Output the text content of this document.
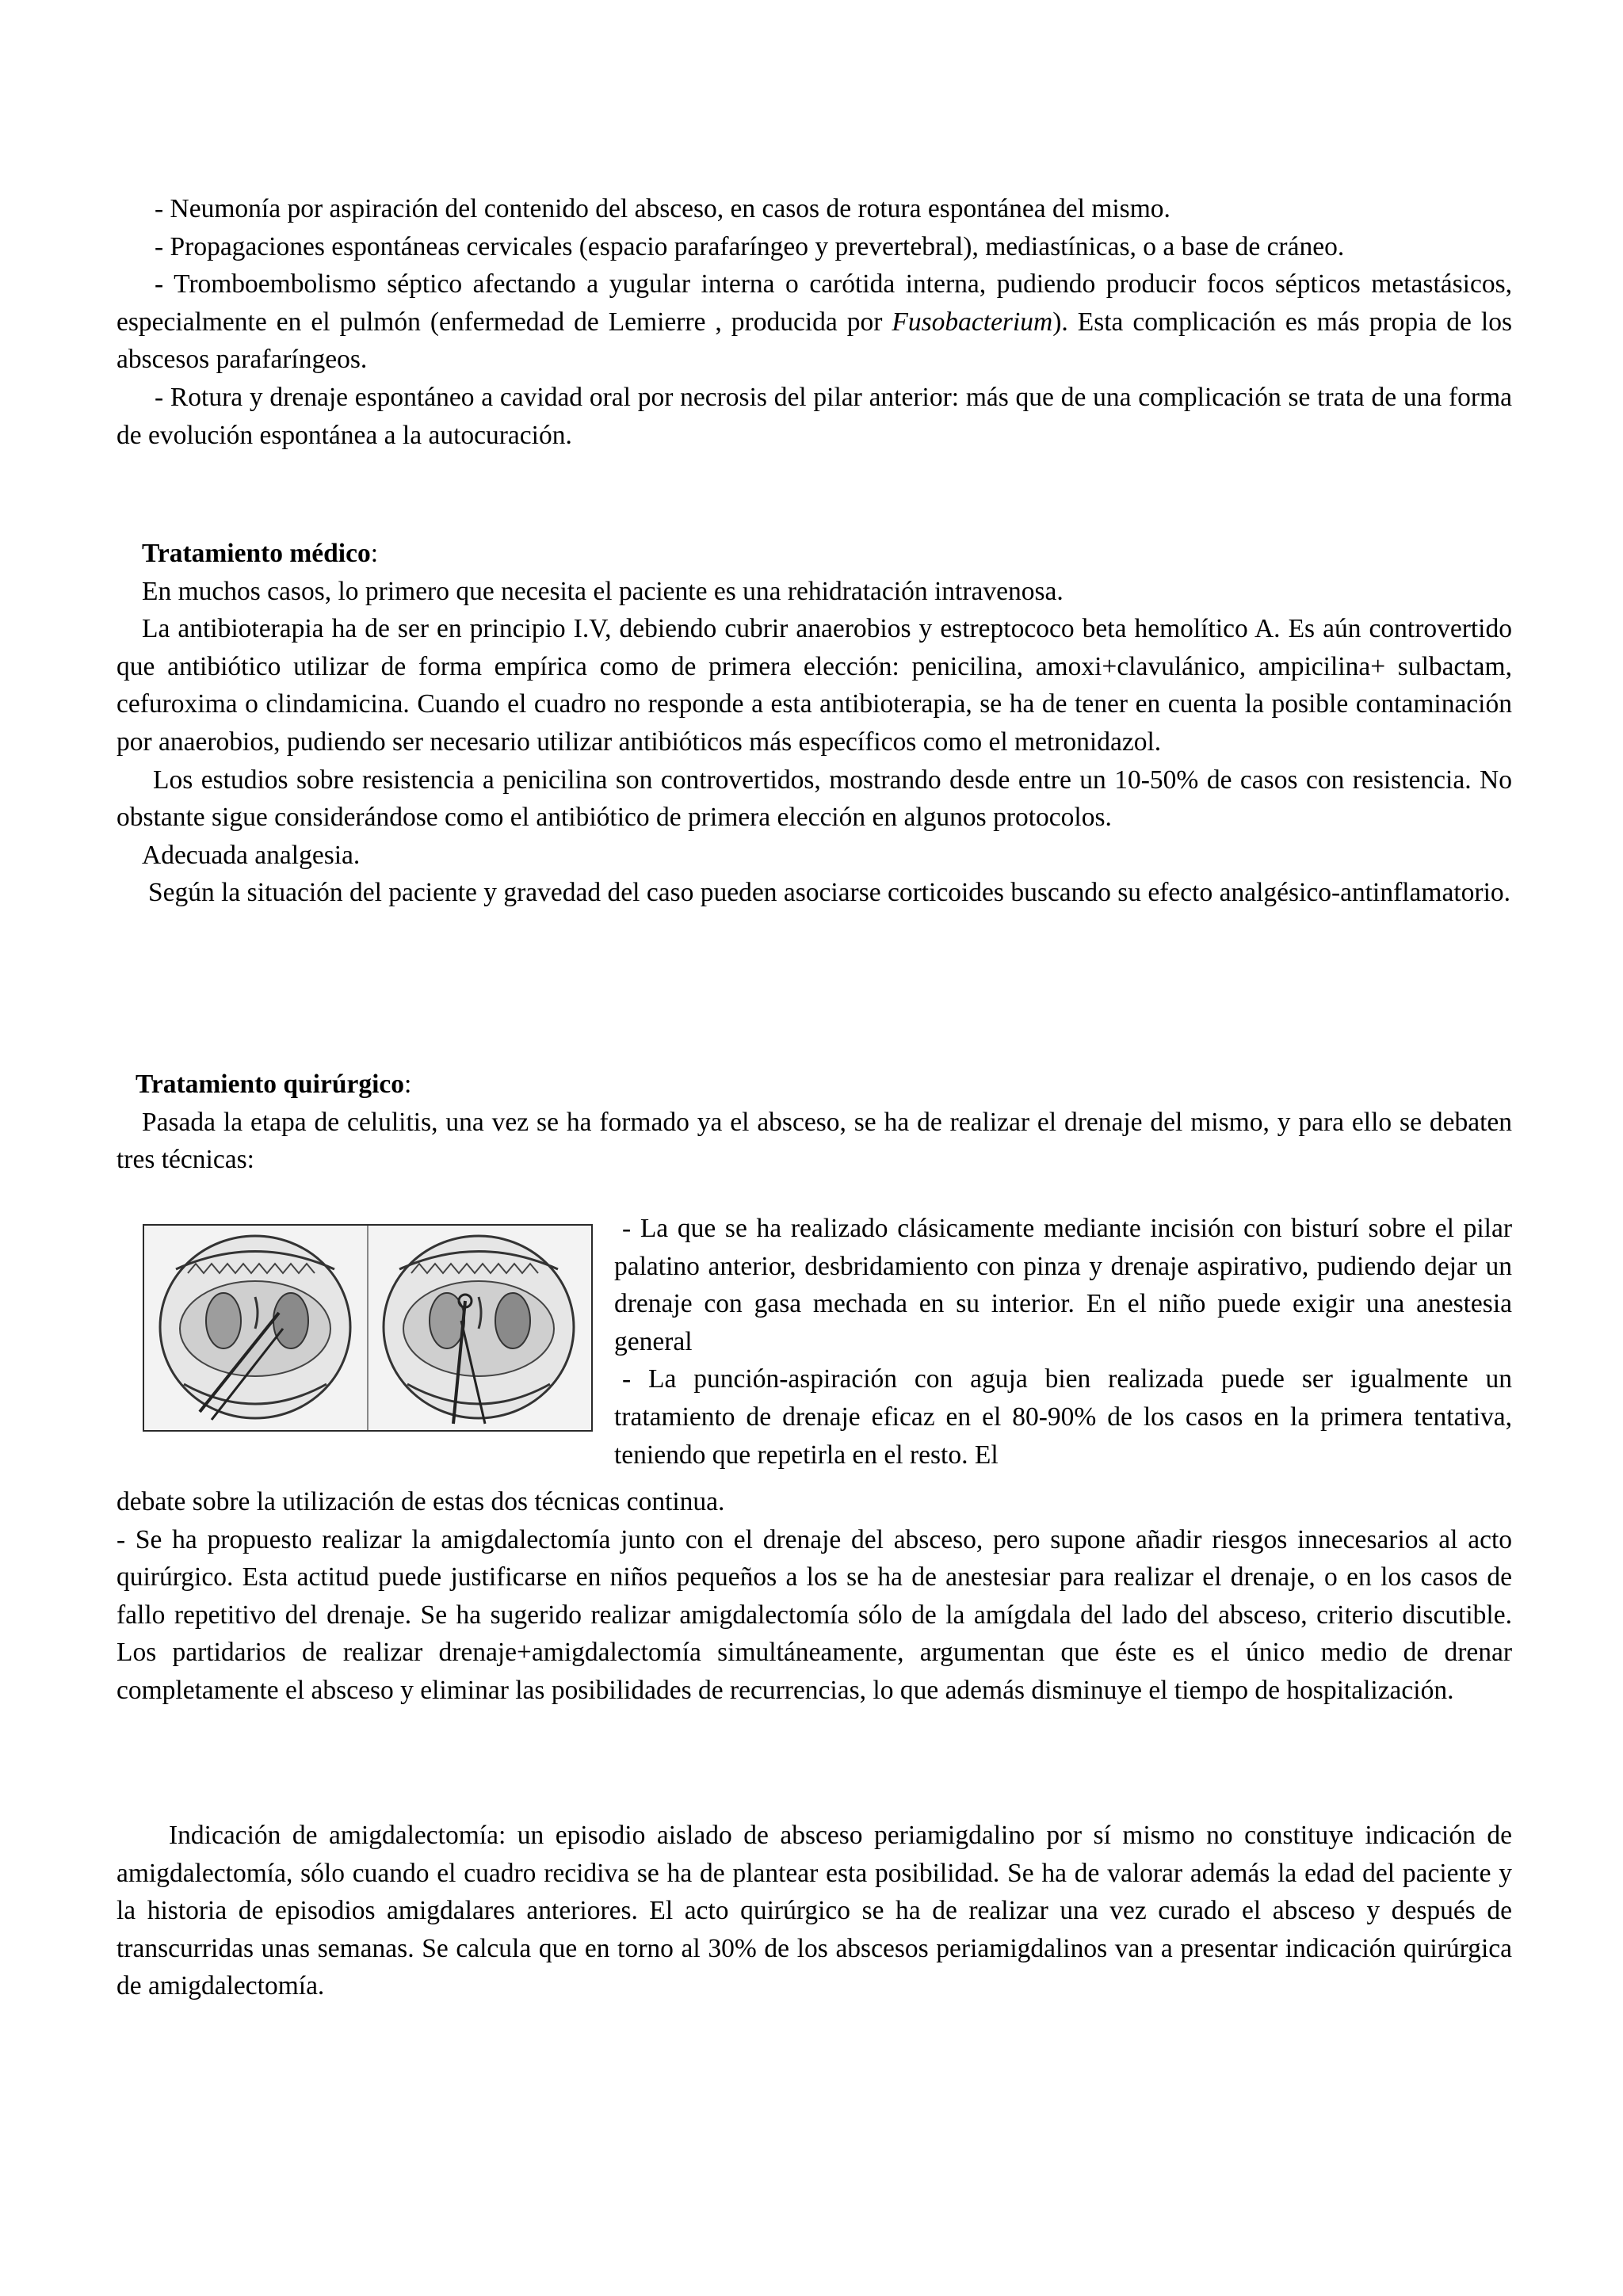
- Neumonía por aspiración del contenido del absceso, en casos de rotura espontánea del mismo.

- Propagaciones espontáneas cervicales (espacio parafaríngeo y prevertebral), mediastínicas, o a base de cráneo.

- Tromboembolismo séptico afectando a yugular interna o carótida interna, pudiendo producir focos sépticos metastásicos, especialmente en el pulmón (enfermedad de Lemierre , producida por Fusobacterium). Esta complicación es más propia de los abscesos parafaríngeos.

- Rotura y drenaje espontáneo a cavidad oral por necrosis del pilar anterior: más que de una complicación se trata de una forma de evolución espontánea a la autocuración.

Tratamiento médico:

En muchos casos, lo primero que necesita el paciente es una rehidratación intravenosa.

La antibioterapia ha de ser en principio I.V, debiendo cubrir anaerobios y estreptococo beta hemolítico A. Es aún controvertido que antibiótico utilizar de forma empírica como de primera elección: penicilina, amoxi+clavulánico, ampicilina+ sulbactam, cefuroxima o clindamicina. Cuando el cuadro no responde a esta antibioterapia, se ha de tener en cuenta la posible contaminación por anaerobios, pudiendo ser necesario utilizar antibióticos más específicos como el metronidazol.

Los estudios sobre resistencia a penicilina son controvertidos, mostrando desde entre un 10-50% de casos con resistencia. No obstante sigue considerándose como el antibiótico de primera elección en algunos protocolos.

Adecuada analgesia.

Según la situación del paciente y gravedad del caso pueden asociarse corticoides buscando su efecto analgésico-antinflamatorio.

Tratamiento quirúrgico:

Pasada la etapa de celulitis, una vez se ha formado ya el absceso, se ha de realizar el drenaje del mismo, y para ello se debaten tres técnicas:

- La que se ha realizado clásicamente mediante incisión con bisturí sobre el pilar palatino anterior, desbridamiento con pinza y drenaje aspirativo, pudiendo dejar un drenaje con gasa mechada en su interior. En el niño puede exigir una anestesia general

- La punción-aspiración con aguja bien realizada puede ser igualmente un tratamiento de drenaje eficaz en el 80-90% de los casos en la primera tentativa, teniendo que repetirla en el resto. El

debate sobre la utilización de estas dos técnicas continua.

- Se ha propuesto realizar la amigdalectomía junto con el drenaje del absceso, pero supone añadir riesgos innecesarios al acto quirúrgico. Esta actitud puede justificarse en niños pequeños a los se ha de anestesiar para realizar el drenaje, o en los casos de fallo repetitivo del drenaje. Se ha sugerido realizar amigdalectomía sólo de la amígdala del lado del absceso, criterio discutible. Los partidarios de realizar drenaje+amigdalectomía simultáneamente, argumentan que éste es el único medio de drenar completamente el absceso y eliminar las posibilidades de recurrencias, lo que además disminuye el tiempo de hospitalización.

Indicación de amigdalectomía: un episodio aislado de absceso periamigdalino por sí mismo no constituye indicación de amigdalectomía, sólo cuando el cuadro recidiva se ha de plantear esta posibilidad. Se ha de valorar además la edad del paciente y la historia de episodios amigdalares anteriores. El acto quirúrgico se ha de realizar una vez curado el absceso y después de transcurridas unas semanas. Se calcula que en torno al 30% de los abscesos periamigdalinos van a presentar indicación quirúrgica de amigdalectomía.
